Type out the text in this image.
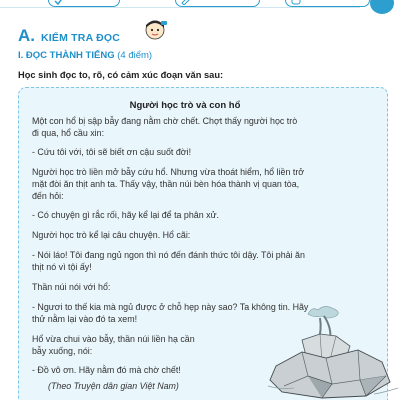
A. KIỂM TRA ĐỌC
I. ĐỌC THÀNH TIẾNG (4 điểm)
Học sinh đọc to, rõ, có cảm xúc đoạn văn sau:
Người học trò và con hổ
Một con hổ bị sập bẫy đang nằm chờ chết. Chợt thấy người học trò
đi qua, hổ cầu xin:
- Cứu tôi với, tôi sẽ biết ơn cậu suốt đời!
Người học trò liền mở bẫy cứu hổ. Nhưng vừa thoát hiểm, hổ liền trở
mặt đòi ăn thịt anh ta. Thấy vậy, thần núi bèn hóa thành vị quan tòa,
đến hỏi:
- Có chuyện gì rắc rối, hãy kể lại để ta phân xử.
Người học trò kể lại câu chuyện. Hổ cãi:
- Nói láo! Tôi đang ngủ ngon thì nó đến đánh thức tôi dậy. Tôi phải ăn
thịt nó vì tội ấy!
Thần núi nói với hổ:
- Ngươi to thế kia mà ngủ được ở chỗ hẹp này sao? Ta không tin. Hãy
thử nằm lại vào đó ta xem!
Hổ vừa chui vào bẫy, thần núi liền hạ cần
bẫy xuống, nói:
- Đồ vô ơn. Hãy nằm đó mà chờ chết!
(Theo Truyện dân gian Việt Nam)
